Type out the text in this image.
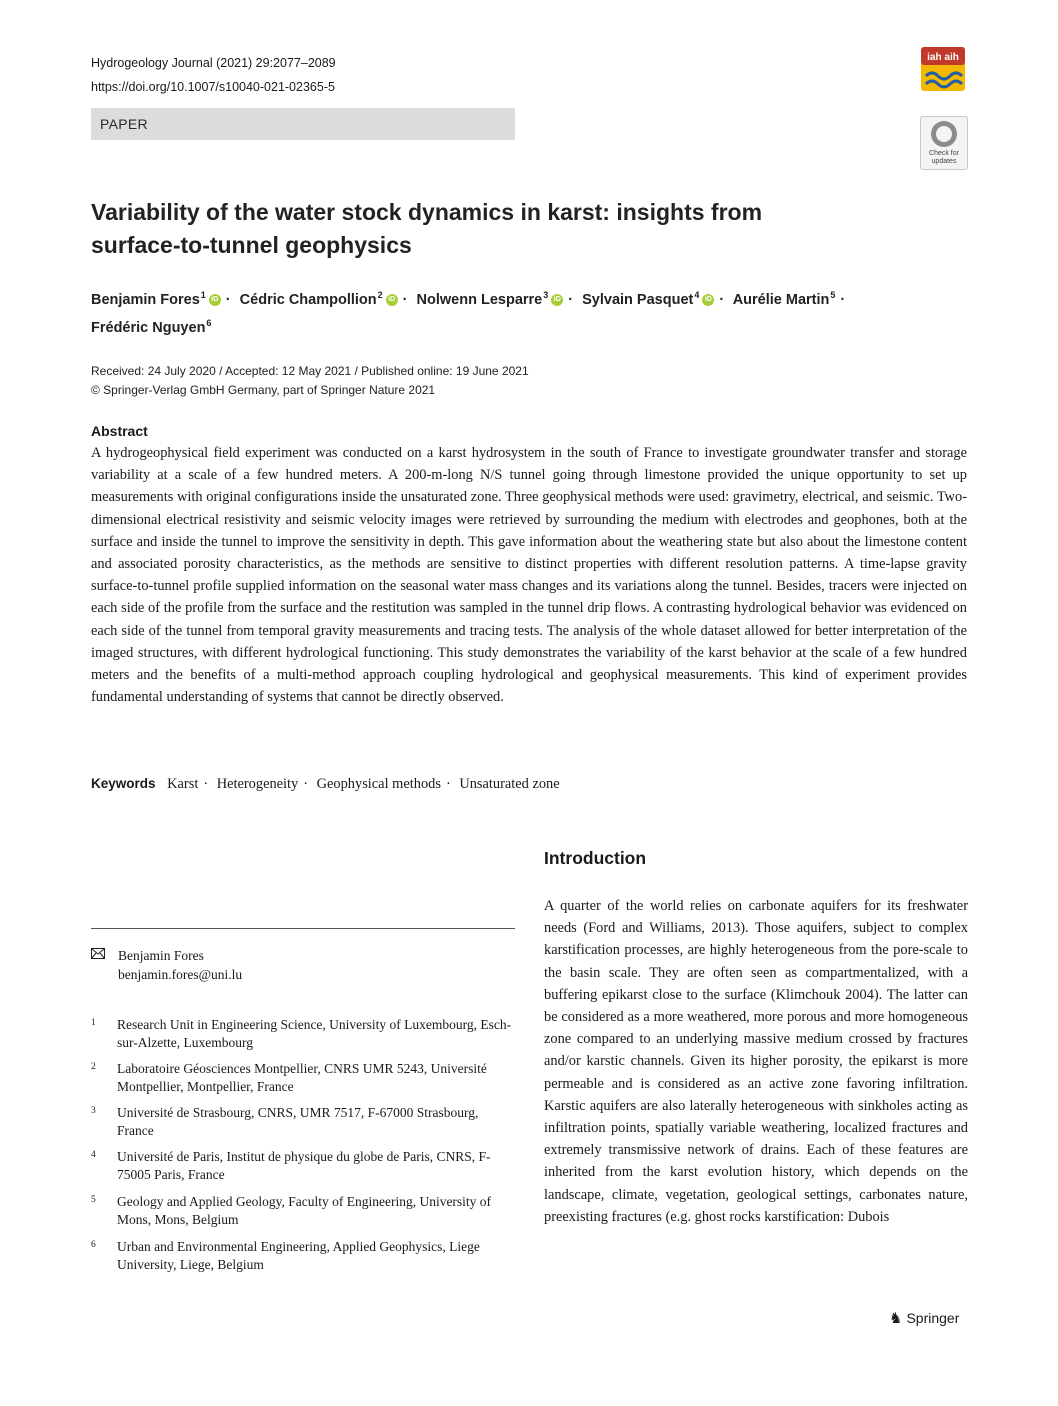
Hydrogeology Journal (2021) 29:2077–2089
https://doi.org/10.1007/s10040-021-02365-5
PAPER
iah aih
Check for updates
Variability of the water stock dynamics in karst: insights from surface-to-tunnel geophysics
Benjamin Fores$^1$ iD · Cédric Champollion$^2$ iD · Nolwenn Lesparre$^3$ iD · Sylvain Pasquet$^4$ iD · Aurélie Martin$^5$ ·
Frédéric Nguyen$^6$
Received: 24 July 2020 / Accepted: 12 May 2021 / Published online: 19 June 2021
© Springer-Verlag GmbH Germany, part of Springer Nature 2021
Abstract
A hydrogeophysical field experiment was conducted on a karst hydrosystem in the south of France to investigate groundwater transfer and storage variability at a scale of a few hundred meters. A 200-m-long N/S tunnel going through limestone provided the unique opportunity to set up measurements with original configurations inside the unsaturated zone. Three geophysical methods were used: gravimetry, electrical, and seismic. Two-dimensional electrical resistivity and seismic velocity images were retrieved by surrounding the medium with electrodes and geophones, both at the surface and inside the tunnel to improve the sensitivity in depth. This gave information about the weathering state but also about the limestone content and associated porosity characteristics, as the methods are sensitive to distinct properties with different resolution patterns. A time-lapse gravity surface-to-tunnel profile supplied information on the seasonal water mass changes and its variations along the tunnel. Besides, tracers were injected on each side of the profile from the surface and the restitution was sampled in the tunnel drip flows. A contrasting hydrological behavior was evidenced on each side of the tunnel from temporal gravity measurements and tracing tests. The analysis of the whole dataset allowed for better interpretation of the imaged structures, with different hydrological functioning. This study demonstrates the variability of the karst behavior at the scale of a few hundred meters and the benefits of a multi-method approach coupling hydrological and geophysical measurements. This kind of experiment provides fundamental understanding of systems that cannot be directly observed.
Keywords Karst · Heterogeneity · Geophysical methods · Unsaturated zone
Benjamin Fores
benjamin.fores@uni.lu
1 Research Unit in Engineering Science, University of Luxembourg, Esch-sur-Alzette, Luxembourg
2 Laboratoire Géosciences Montpellier, CNRS UMR 5243, Université Montpellier, Montpellier, France
3 Université de Strasbourg, CNRS, UMR 7517, F-67000 Strasbourg, France
4 Université de Paris, Institut de physique du globe de Paris, CNRS, F-75005 Paris, France
5 Geology and Applied Geology, Faculty of Engineering, University of Mons, Mons, Belgium
6 Urban and Environmental Engineering, Applied Geophysics, Liege University, Liege, Belgium
Introduction
A quarter of the world relies on carbonate aquifers for its freshwater needs (Ford and Williams, 2013). Those aquifers, subject to complex karstification processes, are highly heterogeneous from the pore-scale to the basin scale. They are often seen as compartmentalized, with a buffering epikarst close to the surface (Klimchouk 2004). The latter can be considered as a more weathered, more porous and more homogeneous zone compared to an underlying massive medium crossed by fractures and/or karstic channels. Given its higher porosity, the epikarst is more permeable and is considered as an active zone favoring infiltration. Karstic aquifers are also laterally heterogeneous with sinkholes acting as infiltration points, spatially variable weathering, localized fractures and extremely transmissive network of drains. Each of these features are inherited from the karst evolution history, which depends on the landscape, climate, vegetation, geological settings, carbonates nature, preexisting fractures (e.g. ghost rocks karstification: Dubois
♞ Springer
